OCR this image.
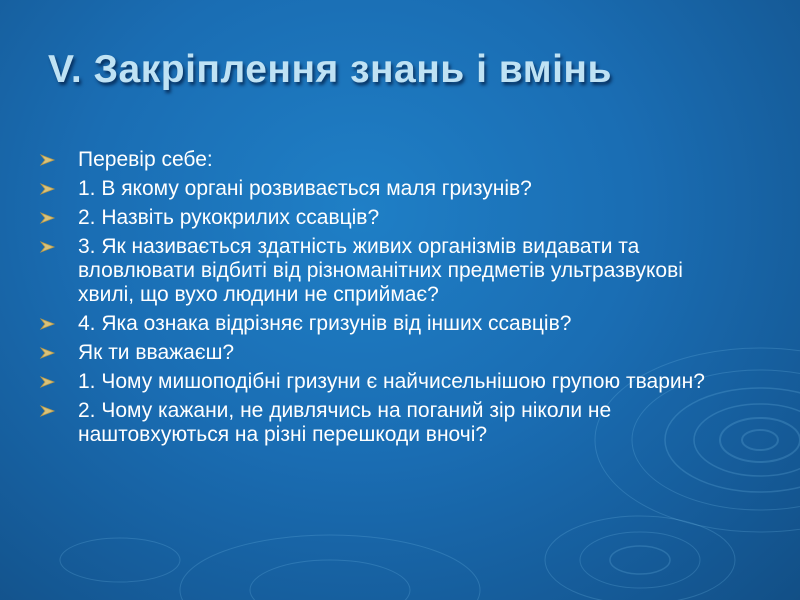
V. Закріплення знань і вмінь
Перевір себе:
1. В якому органі розвивається маля гризунів?
2. Назвіть рукокрилих ссавців?
3. Як називається здатність живих організмів видавати та вловлювати відбиті від різноманітних предметів ультразвукові хвилі, що вухо людини не сприймає?
4. Яка ознака відрізняє гризунів від інших ссавців?
Як ти вважаєш?
1. Чому мишоподібні гризуни є найчисельнішою групою тварин?
2. Чому кажани, не дивлячись на поганий зір ніколи не наштовхуються на різні перешкоди вночі?
